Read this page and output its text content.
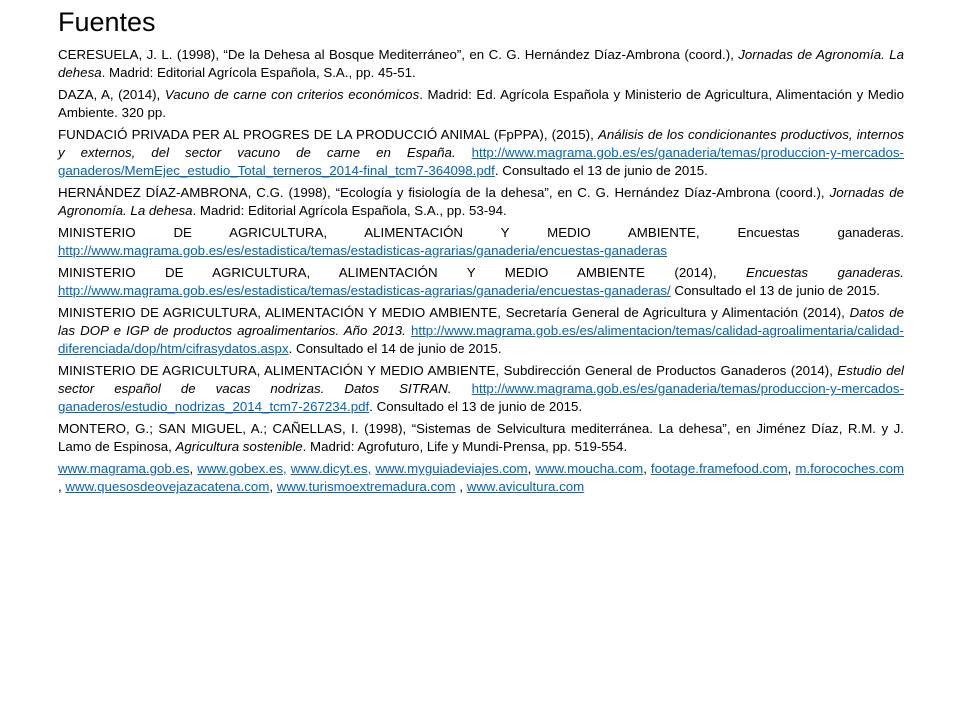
Fuentes

CERESUELA, J. L. (1998), “De la Dehesa al Bosque Mediterráneo”, en C. G. Hernández Díaz-Ambrona (coord.), Jornadas de Agronomía. La dehesa. Madrid: Editorial Agrícola Española, S.A., pp. 45-51.

DAZA, A, (2014), Vacuno de carne con criterios económicos. Madrid: Ed. Agrícola Española y Ministerio de Agricultura, Alimentación y Medio Ambiente. 320 pp.

FUNDACIÓ PRIVADA PER AL PROGRES DE LA PRODUCCIÓ ANIMAL (FpPPA), (2015), Análisis de los condicionantes productivos, internos y externos, del sector vacuno de carne en España. http://www.magrama.gob.es/es/ganaderia/temas/produccion-y-mercados-ganaderos/MemEjec_estudio_Total_terneros_2014-final_tcm7-364098.pdf. Consultado el 13 de junio de 2015.

HERNÁNDEZ DÍAZ-AMBRONA, C.G. (1998), “Ecología y fisiología de la dehesa”, en C. G. Hernández Díaz-Ambrona (coord.), Jornadas de Agronomía. La dehesa. Madrid: Editorial Agrícola Española, S.A., pp. 53-94.

MINISTERIO DE AGRICULTURA, ALIMENTACIÓN Y MEDIO AMBIENTE, Encuestas ganaderas. http://www.magrama.gob.es/es/estadistica/temas/estadisticas-agrarias/ganaderia/encuestas-ganaderas

MINISTERIO DE AGRICULTURA, ALIMENTACIÓN Y MEDIO AMBIENTE (2014), Encuestas ganaderas. http://www.magrama.gob.es/es/estadistica/temas/estadisticas-agrarias/ganaderia/encuestas-ganaderas/ Consultado el 13 de junio de 2015.

MINISTERIO DE AGRICULTURA, ALIMENTACIÓN Y MEDIO AMBIENTE, Secretaría General de Agricultura y Alimentación (2014), Datos de las DOP e IGP de productos agroalimentarios. Año 2013. http://www.magrama.gob.es/es/alimentacion/temas/calidad-agroalimentaria/calidad-diferenciada/dop/htm/cifrasydatos.aspx. Consultado el 14 de junio de 2015.

MINISTERIO DE AGRICULTURA, ALIMENTACIÓN Y MEDIO AMBIENTE, Subdirección General de Productos Ganaderos (2014), Estudio del sector español de vacas nodrizas. Datos SITRAN. http://www.magrama.gob.es/es/ganaderia/temas/produccion-y-mercados-ganaderos/estudio_nodrizas_2014_tcm7-267234.pdf. Consultado el 13 de junio de 2015.

MONTERO, G.; SAN MIGUEL, A.; CAÑELLAS, I. (1998), “Sistemas de Selvicultura mediterránea. La dehesa”, en Jiménez Díaz, R.M. y J. Lamo de Espinosa, Agricultura sostenible. Madrid: Agrofuturo, Life y Mundi-Prensa, pp. 519-554.

www.magrama.gob.es, www.gobex.es, www.dicyt.es, www.myguiadeviajes.com, www.moucha.com, footage.framefood.com, m.forocoches.com , www.quesosdeovejazacatena.com, www.turismoextremadura.com , www.avicultura.com
